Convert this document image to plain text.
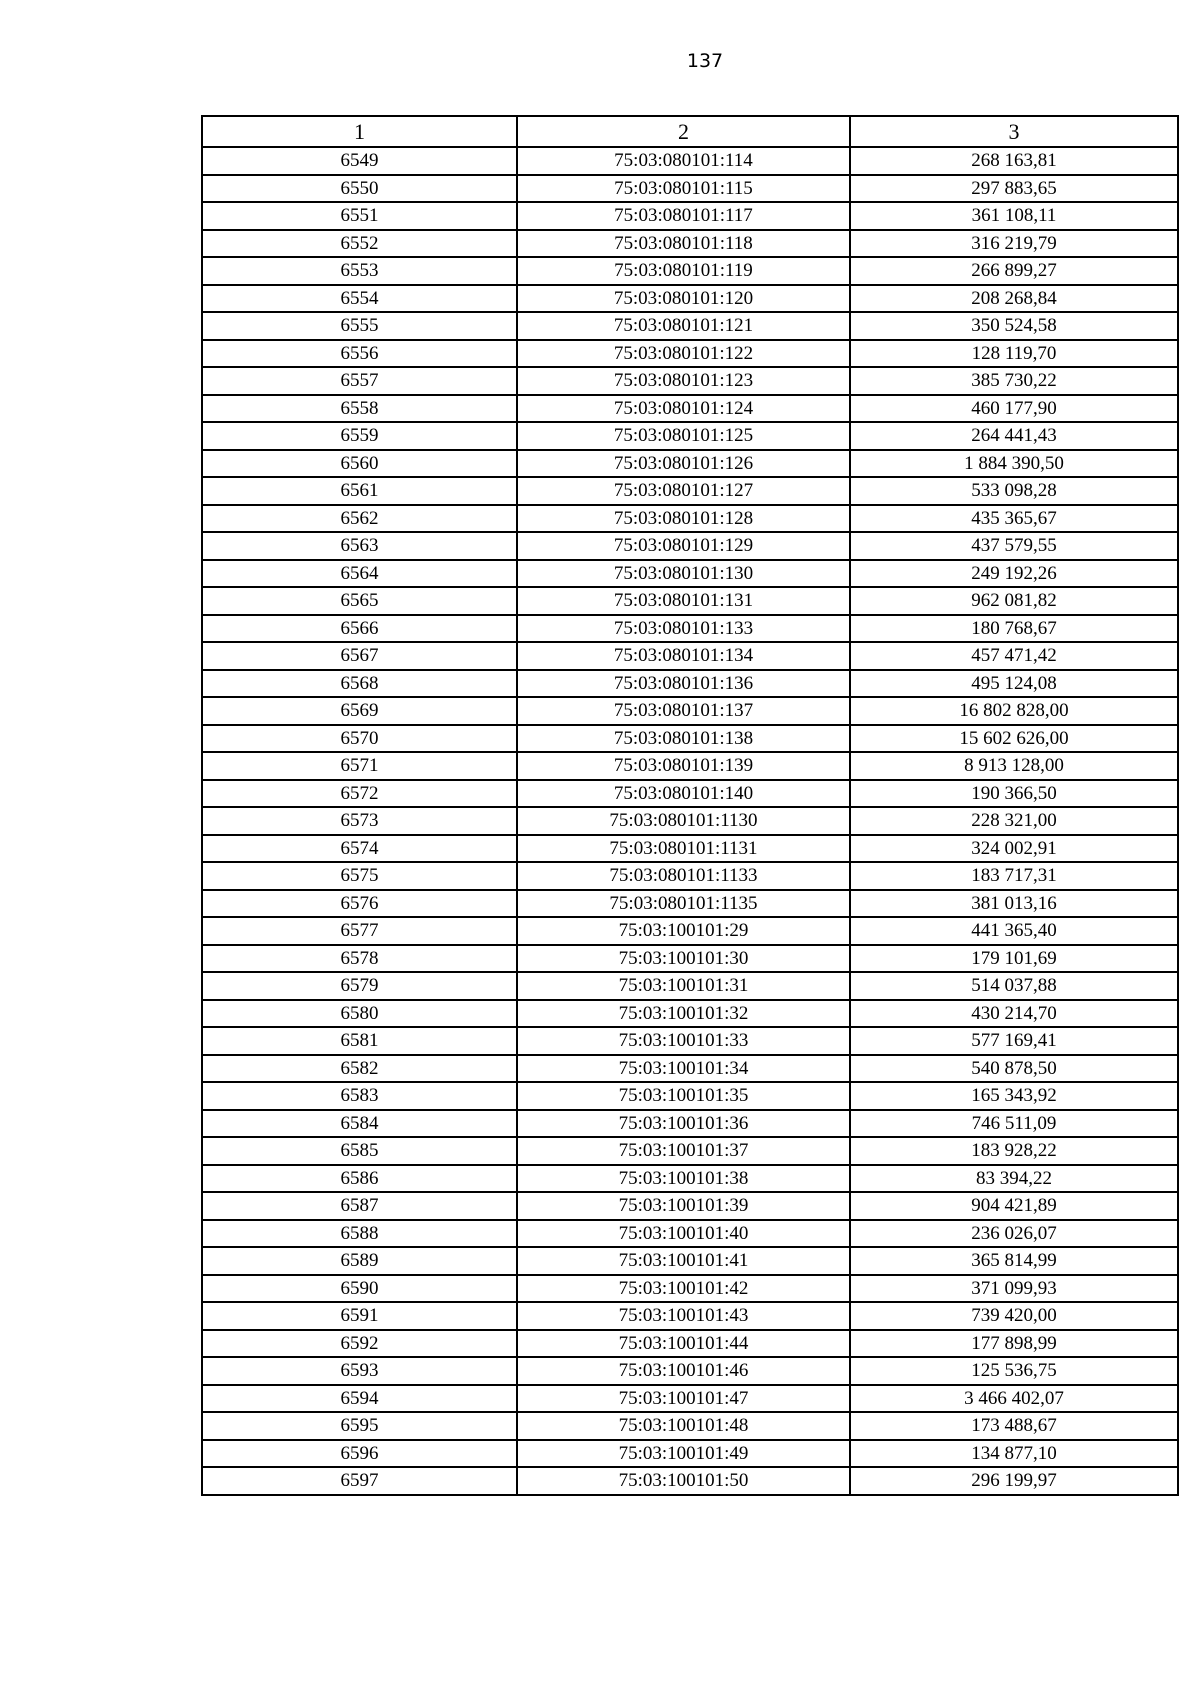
137
1	2	3
6549	75:03:080101:114	268 163,81
6550	75:03:080101:115	297 883,65
6551	75:03:080101:117	361 108,11
6552	75:03:080101:118	316 219,79
6553	75:03:080101:119	266 899,27
6554	75:03:080101:120	208 268,84
6555	75:03:080101:121	350 524,58
6556	75:03:080101:122	128 119,70
6557	75:03:080101:123	385 730,22
6558	75:03:080101:124	460 177,90
6559	75:03:080101:125	264 441,43
6560	75:03:080101:126	1 884 390,50
6561	75:03:080101:127	533 098,28
6562	75:03:080101:128	435 365,67
6563	75:03:080101:129	437 579,55
6564	75:03:080101:130	249 192,26
6565	75:03:080101:131	962 081,82
6566	75:03:080101:133	180 768,67
6567	75:03:080101:134	457 471,42
6568	75:03:080101:136	495 124,08
6569	75:03:080101:137	16 802 828,00
6570	75:03:080101:138	15 602 626,00
6571	75:03:080101:139	8 913 128,00
6572	75:03:080101:140	190 366,50
6573	75:03:080101:1130	228 321,00
6574	75:03:080101:1131	324 002,91
6575	75:03:080101:1133	183 717,31
6576	75:03:080101:1135	381 013,16
6577	75:03:100101:29	441 365,40
6578	75:03:100101:30	179 101,69
6579	75:03:100101:31	514 037,88
6580	75:03:100101:32	430 214,70
6581	75:03:100101:33	577 169,41
6582	75:03:100101:34	540 878,50
6583	75:03:100101:35	165 343,92
6584	75:03:100101:36	746 511,09
6585	75:03:100101:37	183 928,22
6586	75:03:100101:38	83 394,22
6587	75:03:100101:39	904 421,89
6588	75:03:100101:40	236 026,07
6589	75:03:100101:41	365 814,99
6590	75:03:100101:42	371 099,93
6591	75:03:100101:43	739 420,00
6592	75:03:100101:44	177 898,99
6593	75:03:100101:46	125 536,75
6594	75:03:100101:47	3 466 402,07
6595	75:03:100101:48	173 488,67
6596	75:03:100101:49	134 877,10
6597	75:03:100101:50	296 199,97
